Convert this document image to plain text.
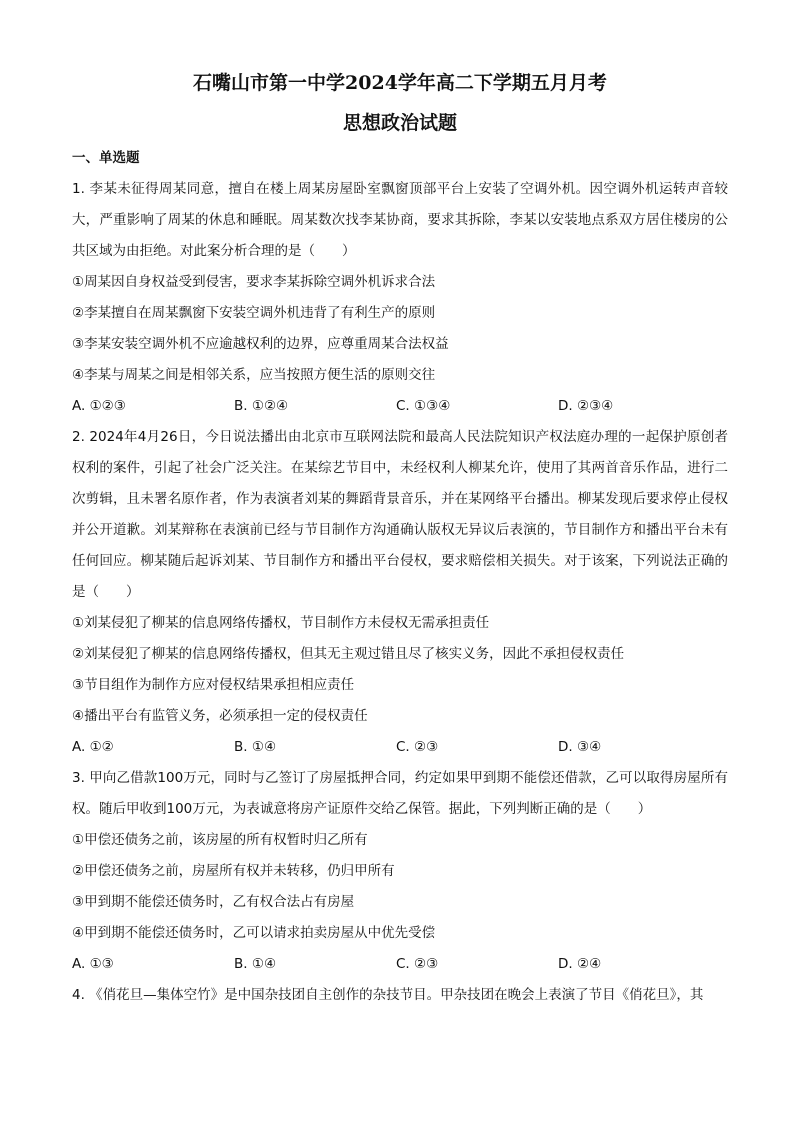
石嘴山市第一中学2024学年高二下学期五月月考
思想政治试题
一、单选题

1. 李某未征得周某同意，擅自在楼上周某房屋卧室飘窗顶部平台上安装了空调外机。因空调外机运转声音较大，严重影响了周某的休息和睡眠。周某数次找李某协商，要求其拆除，李某以安装地点系双方居住楼房的公共区域为由拒绝。对此案分析合理的是（　　）

①周某因自身权益受到侵害，要求李某拆除空调外机诉求合法

②李某擅自在周某飘窗下安装空调外机违背了有利生产的原则

③李某安装空调外机不应逾越权利的边界，应尊重周某合法权益

④李某与周某之间是相邻关系，应当按照方便生活的原则交往

A. ①②③	B. ①②④	C. ①③④	D. ②③④

2. 2024年4月26日，今日说法播出由北京市互联网法院和最高人民法院知识产权法庭办理的一起保护原创者权利的案件，引起了社会广泛关注。在某综艺节目中，未经权利人柳某允许，使用了其两首音乐作品，进行二次剪辑，且未署名原作者，作为表演者刘某的舞蹈背景音乐，并在某网络平台播出。柳某发现后要求停止侵权并公开道歉。刘某辩称在表演前已经与节目制作方沟通确认版权无异议后表演的，节目制作方和播出平台未有任何回应。柳某随后起诉刘某、节目制作方和播出平台侵权，要求赔偿相关损失。对于该案，下列说法正确的是（　　）

①刘某侵犯了柳某的信息网络传播权，节目制作方未侵权无需承担责任

②刘某侵犯了柳某的信息网络传播权，但其无主观过错且尽了核实义务，因此不承担侵权责任

③节目组作为制作方应对侵权结果承担相应责任

④播出平台有监管义务，必须承担一定的侵权责任

A. ①②	B. ①④	C. ②③	D. ③④

3. 甲向乙借款100万元，同时与乙签订了房屋抵押合同，约定如果甲到期不能偿还借款，乙可以取得房屋所有权。随后甲收到100万元，为表诚意将房产证原件交给乙保管。据此，下列判断正确的是（　　）

①甲偿还债务之前，该房屋的所有权暂时归乙所有

②甲偿还债务之前，房屋所有权并未转移，仍归甲所有

③甲到期不能偿还债务时，乙有权合法占有房屋

④甲到期不能偿还债务时，乙可以请求拍卖房屋从中优先受偿

A. ①③	B. ①④	C. ②③	D. ②④

4. 《俏花旦—集体空竹》是中国杂技团自主创作的杂技节目。甲杂技团在晚会上表演了节目《俏花旦》，其
